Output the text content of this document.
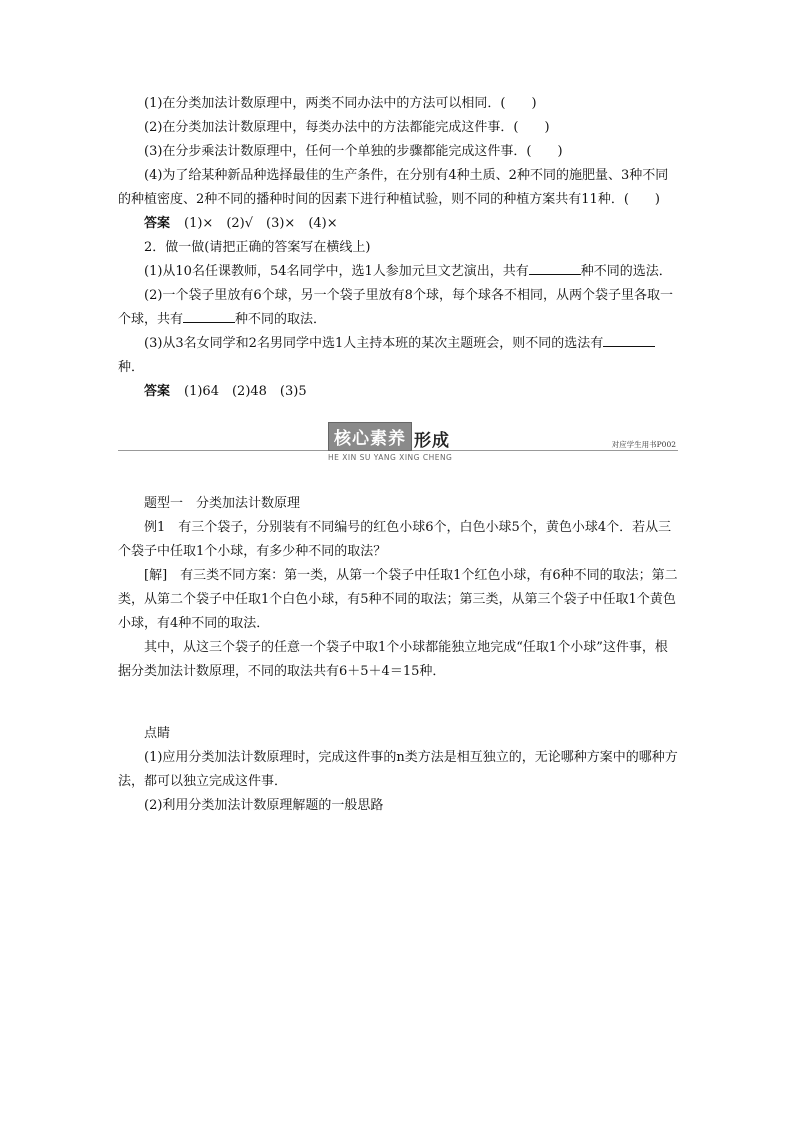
(1)在分类加法计数原理中，两类不同办法中的方法可以相同．(　　)

(2)在分类加法计数原理中，每类办法中的方法都能完成这件事．(　　)

(3)在分步乘法计数原理中，任何一个单独的步骤都能完成这件事．(　　)

(4)为了给某种新品种选择最佳的生产条件，在分别有4种土质、2种不同的施肥量、3种不同的种植密度、2种不同的播种时间的因素下进行种植试验，则不同的种植方案共有11种．(　　)

答案 (1)×　(2)√　(3)×　(4)×

2．做一做(请把正确的答案写在横线上)

(1)从10名任课教师，54名同学中，选1人参加元旦文艺演出，共有	种不同的选法．

(2)一个袋子里放有6个球，另一个袋子里放有8个球，每个球各不相同，从两个袋子里各取一个球，共有	种不同的取法．

(3)从3名女同学和2名男同学中选1人主持本班的某次主题班会，则不同的选法有种．

答案 (1)64　(2)48　(3)5

核心素养 形成
HE XIN SU YANG XING CHENG
对应学生用书P002

题型一　分类加法计数原理

例1　有三个袋子，分别装有不同编号的红色小球6个，白色小球5个，黄色小球4个．若从三个袋子中任取1个小球，有多少种不同的取法？

[解]　有三类不同方案：第一类，从第一个袋子中任取1个红色小球，有6种不同的取法；第二类，从第二个袋子中任取1个白色小球，有5种不同的取法；第三类，从第三个袋子中任取1个黄色小球，有4种不同的取法．

其中，从这三个袋子的任意一个袋子中取1个小球都能独立地完成“任取1个小球”这件事，根据分类加法计数原理，不同的取法共有6＋5＋4＝15种．

点睛

(1)应用分类加法计数原理时，完成这件事的n类方法是相互独立的，无论哪种方案中的哪种方法，都可以独立完成这件事．

(2)利用分类加法计数原理解题的一般思路
